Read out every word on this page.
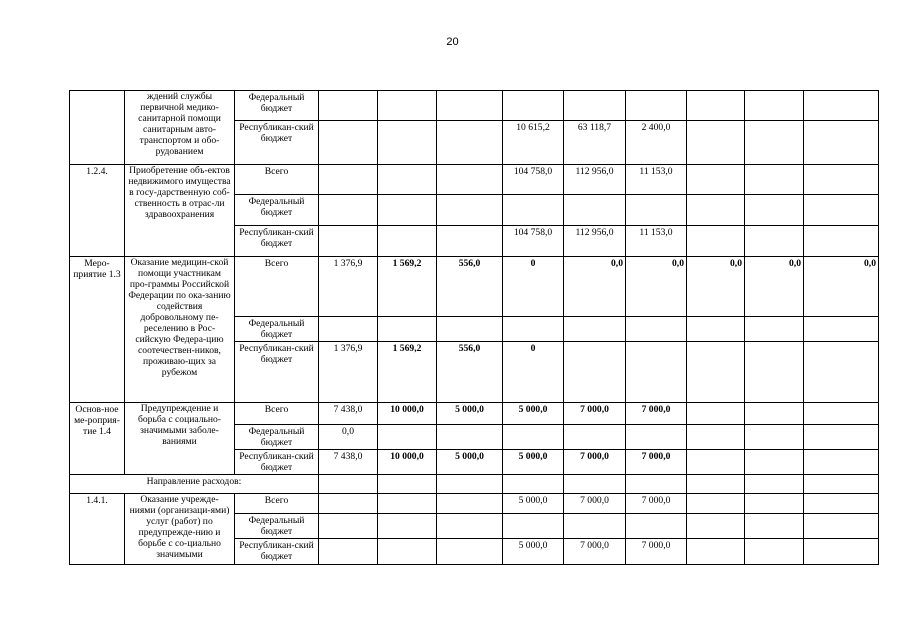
20
	ждений службы первичной медико-санитарной помощи санитарным авто-транспортом и обо-рудованием	Федеральный бюджет									
		Республикан-ский бюджет				10 615,2	63 118,7	2 400,0			
1.2.4.	Приобретение объ-ектов недвижимого имущества в госу-дарственную соб-ственность в отрас-ли здравоохранения	Всего				104 758,0	112 956,0	11 153,0			
		Федеральный бюджет									
		Республикан-ский бюджет				104 758,0	112 956,0	11 153,0			
Меро-приятие 1.3	Оказание медицин-ской помощи участникам про-граммы Российской Федерации по ока-занию содействия добровольному пе-реселению в Рос-сийскую Федера-цию соотечествен-ников, проживаю-щих за рубежом	Всего	1 376,9	1 569,2	556,0	0	0,0	0,0	0,0	0,0	0,0
		Федеральный бюджет									
		Республикан-ский бюджет	1 376,9	1 569,2	556,0	0					
Основ-ное ме-роприя-тие 1.4	Предупреждение и борьба с социально-значимыми заболе-ваниями	Всего	7 438,0	10 000,0	5 000,0	5 000,0	7 000,0	7 000,0			
		Федеральный бюджет	0,0								
		Республикан-ский бюджет	7 438,0	10 000,0	5 000,0	5 000,0	7 000,0	7 000,0			
Направление расходов:											
1.4.1.	Оказание учрежде-ниями (организаци-ями) услуг (работ) по предупрежде-нию и борьбе с со-циально значимыми	Всего				5 000,0	7 000,0	7 000,0			
		Федеральный бюджет									
		Республикан-ский бюджет				5 000,0	7 000,0	7 000,0			
